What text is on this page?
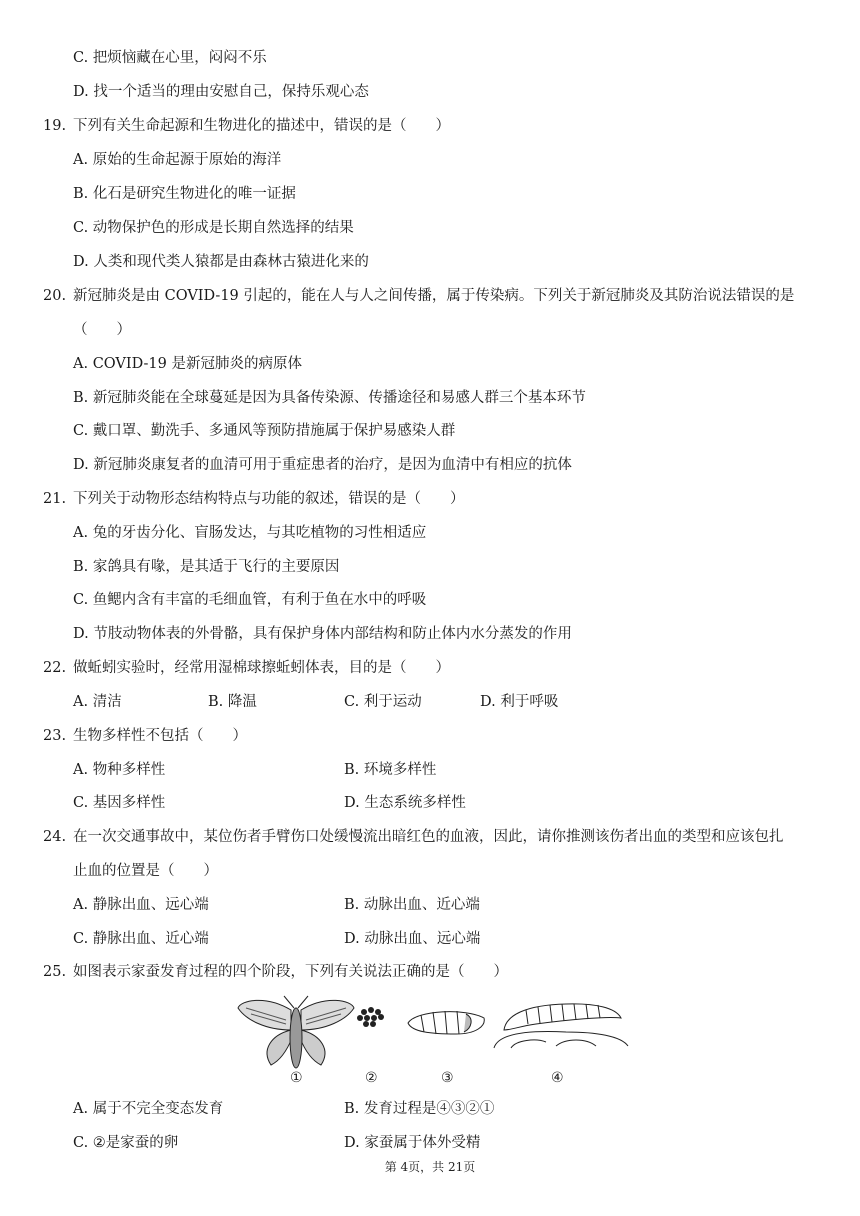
C. 把烦恼藏在心里，闷闷不乐
D. 找一个适当的理由安慰自己，保持乐观心态
19. 下列有关生命起源和生物进化的描述中，错误的是（　　）
A. 原始的生命起源于原始的海洋
B. 化石是研究生物进化的唯一证据
C. 动物保护色的形成是长期自然选择的结果
D. 人类和现代类人猿都是由森林古猿进化来的
20. 新冠肺炎是由 COVID-19 引起的，能在人与人之间传播，属于传染病。下列关于新冠肺炎及其防治说法错误的是
（　　）
A. COVID-19 是新冠肺炎的病原体
B. 新冠肺炎能在全球蔓延是因为具备传染源、传播途径和易感人群三个基本环节
C. 戴口罩、勤洗手、多通风等预防措施属于保护易感染人群
D. 新冠肺炎康复者的血清可用于重症患者的治疗，是因为血清中有相应的抗体
21. 下列关于动物形态结构特点与功能的叙述，错误的是（　　）
A. 兔的牙齿分化、盲肠发达，与其吃植物的习性相适应
B. 家鸽具有喙，是其适于飞行的主要原因
C. 鱼鳃内含有丰富的毛细血管，有利于鱼在水中的呼吸
D. 节肢动物体表的外骨骼，具有保护身体内部结构和防止体内水分蒸发的作用
22. 做蚯蚓实验时，经常用湿棉球擦蚯蚓体表，目的是（　　）
A. 清洁	B. 降温	C. 利于运动	D. 利于呼吸
23. 生物多样性不包括（　　）
A. 物种多样性	B. 环境多样性
C. 基因多样性	D. 生态系统多样性
24. 在一次交通事故中，某位伤者手臂伤口处缓慢流出暗红色的血液，因此，请你推测该伤者出血的类型和应该包扎
止血的位置是（　　）
A. 静脉出血、远心端	B. 动脉出血、近心端
C. 静脉出血、近心端	D. 动脉出血、远心端
25. 如图表示家蚕发育过程的四个阶段，下列有关说法正确的是（　　）
①	②	③	④
A. 属于不完全变态发育	B. 发育过程是④③②①
C. ②是家蚕的卵	D. 家蚕属于体外受精
第 4页，共 21页
